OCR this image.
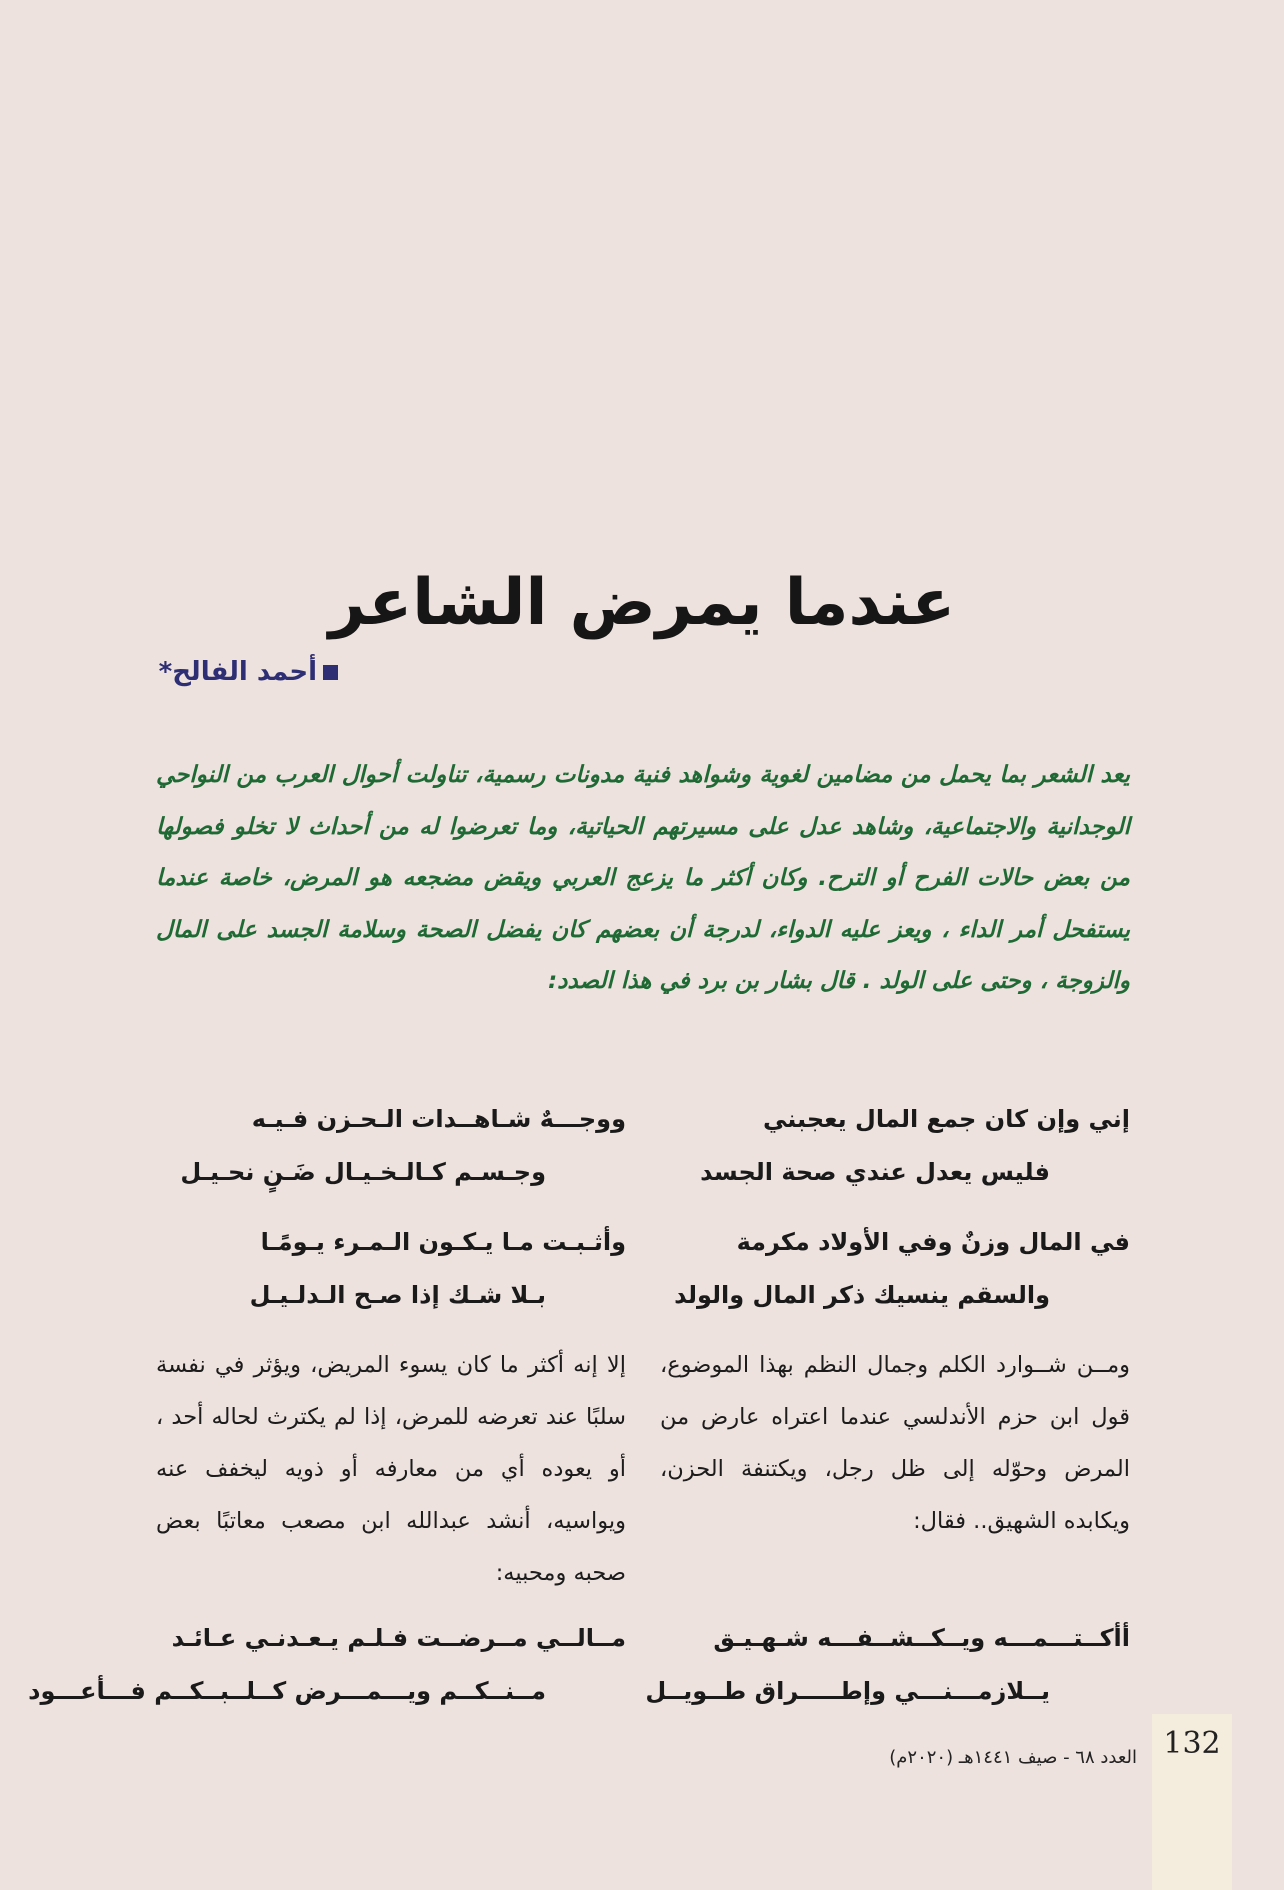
عندما يمرض الشاعر
أحمد الفالح*

يعد الشعر بما يحمل من مضامين لغوية وشواهد فنية مدونات رسمية، تناولت أحوال العرب من النواحي الوجدانية والاجتماعية، وشاهد عدل على مسيرتهم الحياتية، وما تعرضوا له من أحداث لا تخلو فصولها من بعض حالات الفرح أو الترح. وكان أكثر ما يزعج العربي ويقض مضجعه هو المرض، خاصة عندما يستفحل أمر الداء ، ويعز عليه الدواء، لدرجة أن بعضهم كان يفضل الصحة وسلامة الجسد على المال والزوجة ، وحتى على الولد . قال بشار بن برد في هذا الصدد:

إني وإن كان جمع المال يعجبني
فليس يعدل عندي صحة الجسد
ووجـــهٌ شـاهــدات الـحـزن فـيـه
وجـسـم كـالـخـيـال ضَـنٍ نحـيـل
في المال وزنٌ وفي الأولاد مكرمة
والسقم ينسيك ذكر المال والولد
وأثـبـت مـا يـكـون الـمـرء يـومًـا
بـلا شـك إذا صـح الـدلـيـل

ومــن شــوارد الكلم وجمال النظم بهذا الموضوع، قول ابن حزم الأندلسي عندما اعتراه عارض من المرض وحوّله إلى ظل رجل، ويكتنفة الحزن، ويكابده الشهيق.. فقال:

إلا إنه أكثر ما كان يسوء المريض، ويؤثر في نفسة سلبًا عند تعرضه للمرض، إذا لم يكترث لحاله أحد ، أو يعوده أي من معارفه أو ذويه ليخفف عنه ويواسيه، أنشد عبدالله ابن مصعب معاتبًا بعض صحبه ومحبيه:

أأكــتـــمـــه ويــكــشــفـــه شـهـيـق
يــلازمـــنـــي وإطـــــراق طــويــل
مــالــي مــرضــت فـلـم يـعـدنـي عـائـد
مــنــكــم ويـــمـــرض كــلــبــكــم فـــأعـــود
132
العدد ٦٨ - صيف ١٤٤١هـ (٢٠٢٠م)
